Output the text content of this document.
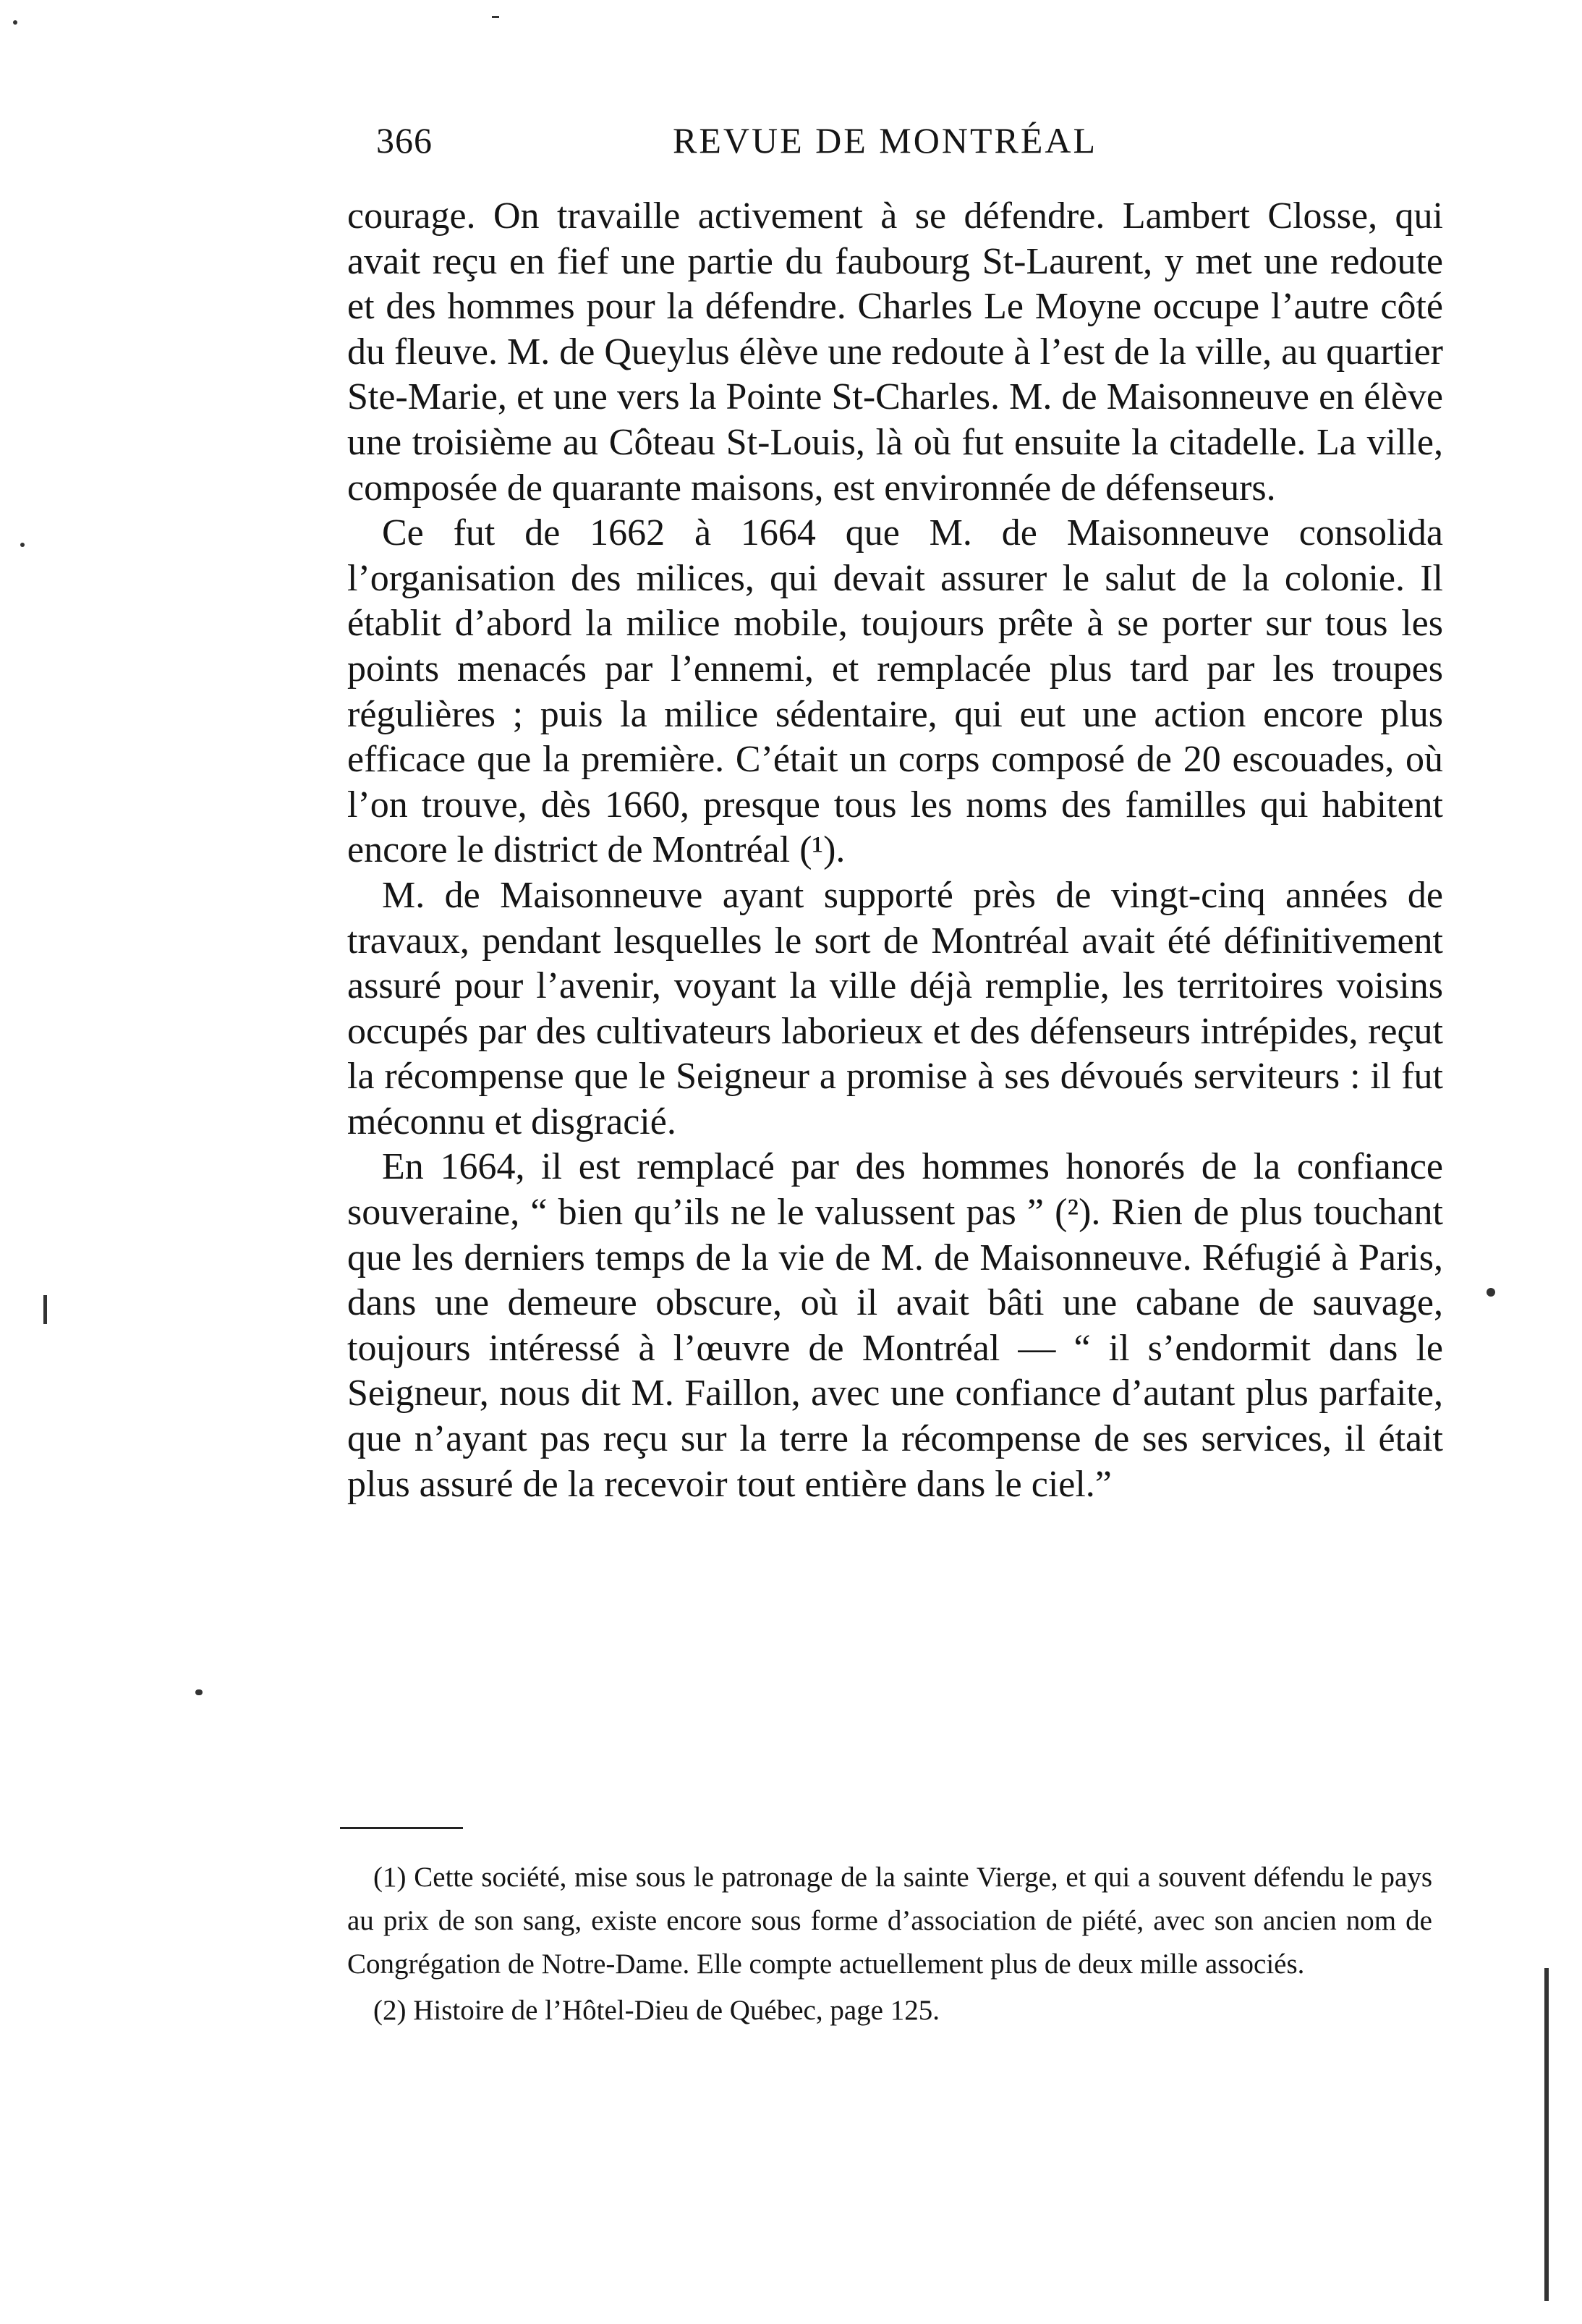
366	REVUE DE MONTRÉAL

courage. On travaille activement à se défendre. Lambert Closse, qui avait reçu en fief une partie du faubourg St-Laurent, y met une redoute et des hommes pour la défendre. Charles Le Moyne occupe l’autre côté du fleuve. M. de Queylus élève une redoute à l’est de la ville, au quartier Ste-Marie, et une vers la Pointe St-Charles. M. de Maisonneuve en élève une troisième au Côteau St-Louis, là où fut ensuite la citadelle. La ville, composée de quarante maisons, est environnée de défenseurs.

Ce fut de 1662 à 1664 que M. de Maisonneuve consolida l’organisation des milices, qui devait assurer le salut de la colonie. Il établit d’abord la milice mobile, toujours prête à se porter sur tous les points menacés par l’ennemi, et remplacée plus tard par les troupes régulières ; puis la milice sédentaire, qui eut une action encore plus efficace que la première. C’était un corps composé de 20 escouades, où l’on trouve, dès 1660, presque tous les noms des familles qui habitent encore le district de Montréal (¹).

M. de Maisonneuve ayant supporté près de vingt-cinq années de travaux, pendant lesquelles le sort de Montréal avait été définitivement assuré pour l’avenir, voyant la ville déjà remplie, les territoires voisins occupés par des cultivateurs laborieux et des défenseurs intrépides, reçut la récompense que le Seigneur a promise à ses dévoués serviteurs : il fut méconnu et disgracié.

En 1664, il est remplacé par des hommes honorés de la confiance souveraine, “ bien qu’ils ne le valussent pas ” (²). Rien de plus touchant que les derniers temps de la vie de M. de Maisonneuve. Réfugié à Paris, dans une demeure obscure, où il avait bâti une cabane de sauvage, toujours intéressé à l’œuvre de Montréal — “ il s’endormit dans le Seigneur, nous dit M. Faillon, avec une confiance d’autant plus parfaite, que n’ayant pas reçu sur la terre la récompense de ses services, il était plus assuré de la recevoir tout entière dans le ciel.”

(1) Cette société, mise sous le patronage de la sainte Vierge, et qui a souvent défendu le pays au prix de son sang, existe encore sous forme d’association de piété, avec son ancien nom de Congrégation de Notre-Dame. Elle compte actuellement plus de deux mille associés.

(2) Histoire de l’Hôtel-Dieu de Québec, page 125.
